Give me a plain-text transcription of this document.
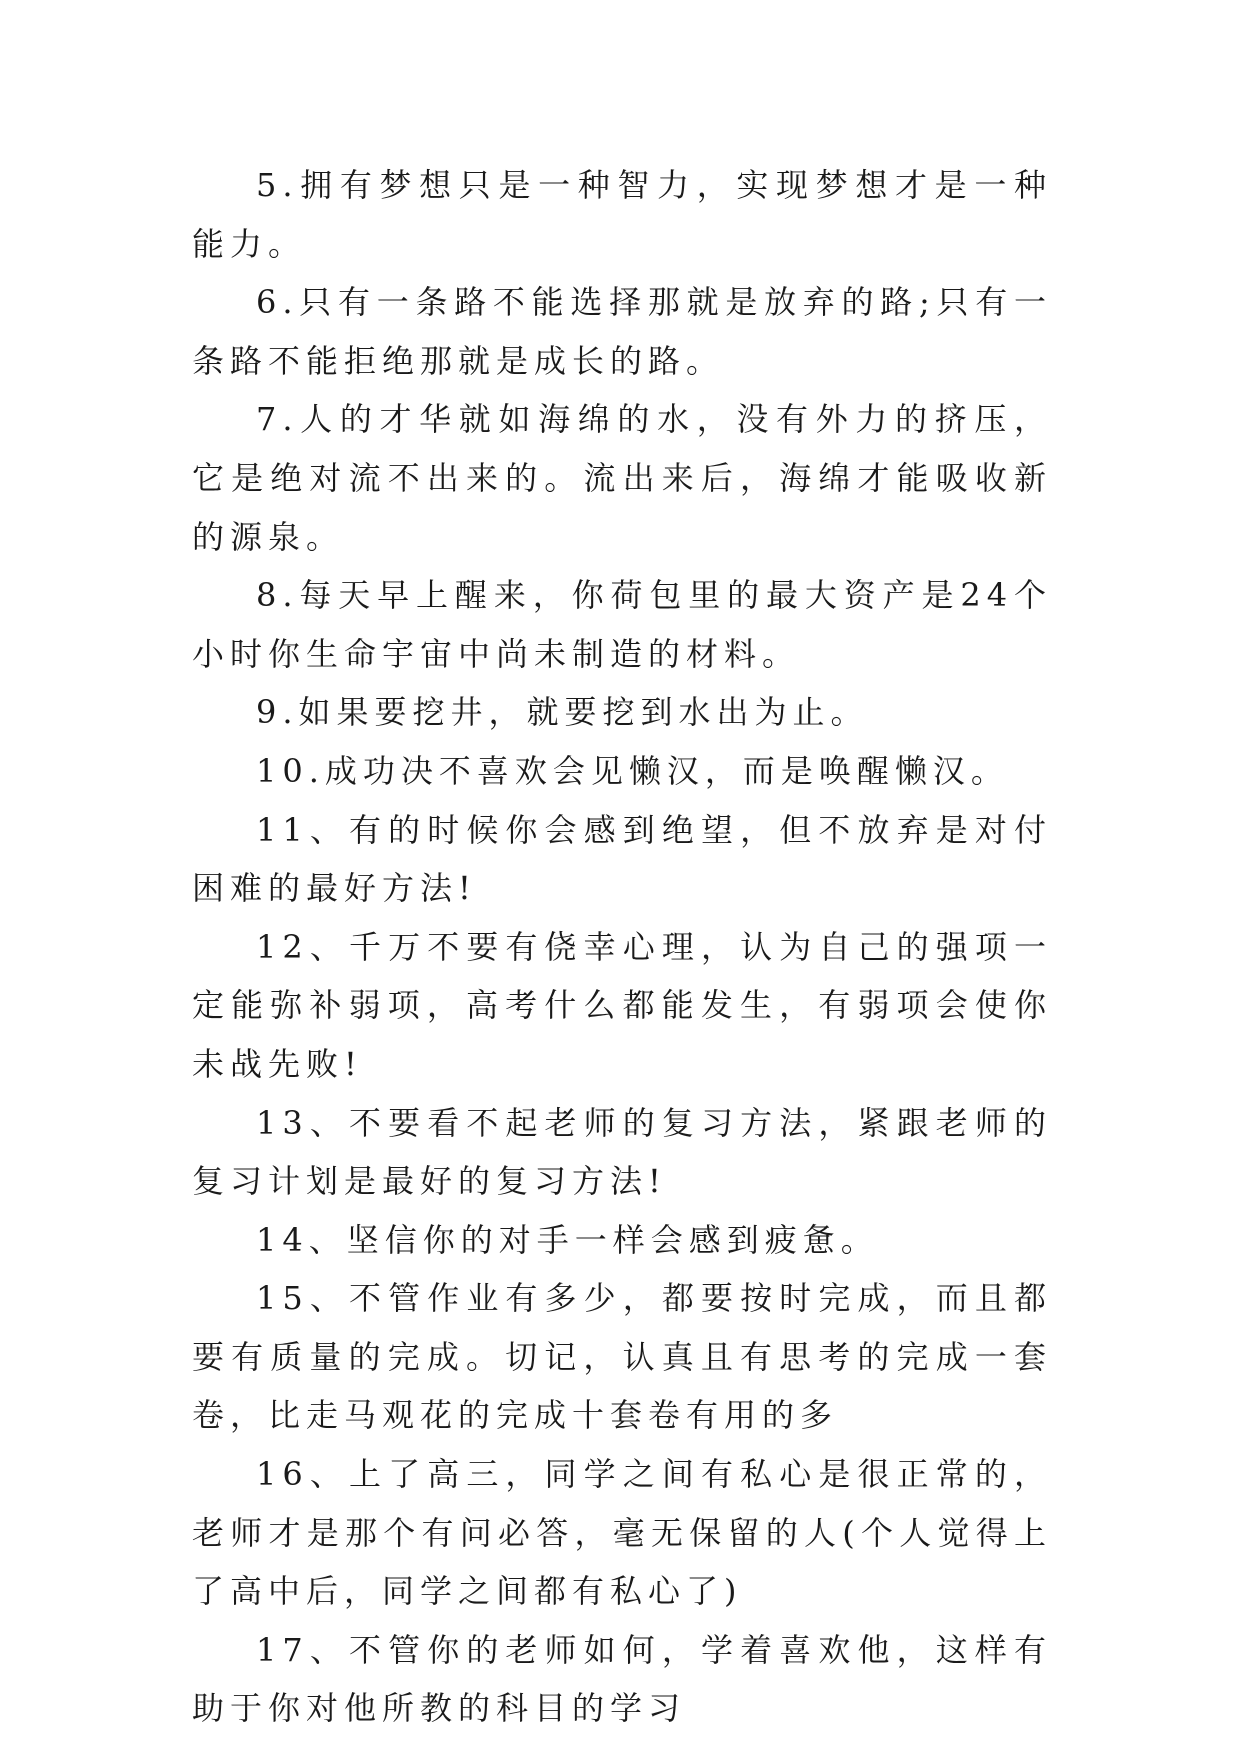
5.拥有梦想只是一种智力，实现梦想才是一种能力。

6.只有一条路不能选择那就是放弃的路;只有一条路不能拒绝那就是成长的路。

7.人的才华就如海绵的水，没有外力的挤压，它是绝对流不出来的。流出来后，海绵才能吸收新的源泉。

8.每天早上醒来，你荷包里的最大资产是24个小时你生命宇宙中尚未制造的材料。

9.如果要挖井，就要挖到水出为止。

10.成功决不喜欢会见懒汉，而是唤醒懒汉。

11、有的时候你会感到绝望，但不放弃是对付困难的最好方法!

12、千万不要有侥幸心理，认为自己的强项一定能弥补弱项，高考什么都能发生，有弱项会使你未战先败!

13、不要看不起老师的复习方法，紧跟老师的复习计划是最好的复习方法!

14、坚信你的对手一样会感到疲惫。

15、不管作业有多少，都要按时完成，而且都要有质量的完成。切记，认真且有思考的完成一套卷，比走马观花的完成十套卷有用的多

16、上了高三，同学之间有私心是很正常的，老师才是那个有问必答，毫无保留的人(个人觉得上了高中后，同学之间都有私心了)

17、不管你的老师如何，学着喜欢他，这样有助于你对他所教的科目的学习
